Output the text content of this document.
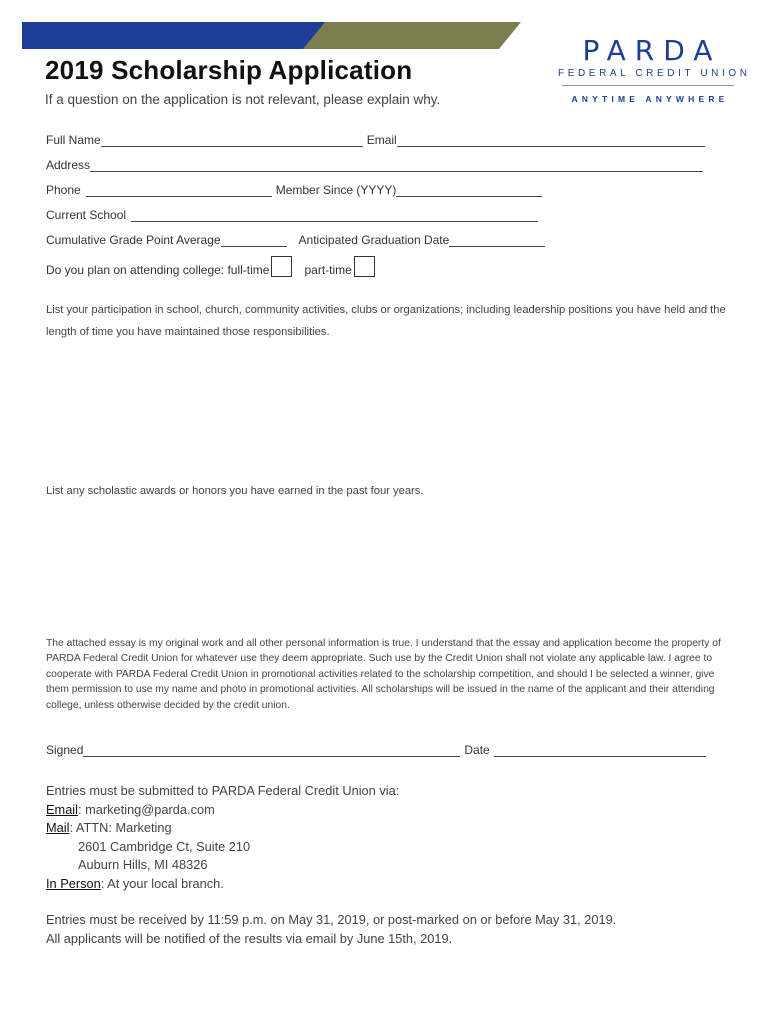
PARDA
FEDERAL CREDIT UNION
ANYTIME ANYWHERE
2019 Scholarship Application
If a question on the application is not relevant, please explain why.
Full Name	Email
Address
Phone	Member Since (YYYY)
Current School
Cumulative Grade Point Average	Anticipated Graduation Date
Do you plan on attending college: full-time	part-time
List your participation in school, church, community activities, clubs or organizations; including leadership positions you have held and the length of time you have maintained those responsibilities.
List any scholastic awards or honors you have earned in the past four years.
The attached essay is my original work and all other personal information is true. I understand that the essay and application become the property of PARDA Federal Credit Union for whatever use they deem appropriate. Such use by the Credit Union shall not violate any applicable law. I agree to cooperate with PARDA Federal Credit Union in promotional activities related to the scholarship competition, and should I be selected a winner, give them permission to use my name and photo in promotional activities. All scholarships will be issued in the name of the applicant and their attending college, unless otherwise decided by the credit union.
Signed	Date
Entries must be submitted to PARDA Federal Credit Union via:
Email: marketing@parda.com
Mail: ATTN: Marketing
2601 Cambridge Ct, Suite 210
Auburn Hills, MI 48326
In Person: At your local branch.
Entries must be received by 11:59 p.m. on May 31, 2019, or post-marked on or before May 31, 2019.
All applicants will be notified of the results via email by June 15th, 2019.
